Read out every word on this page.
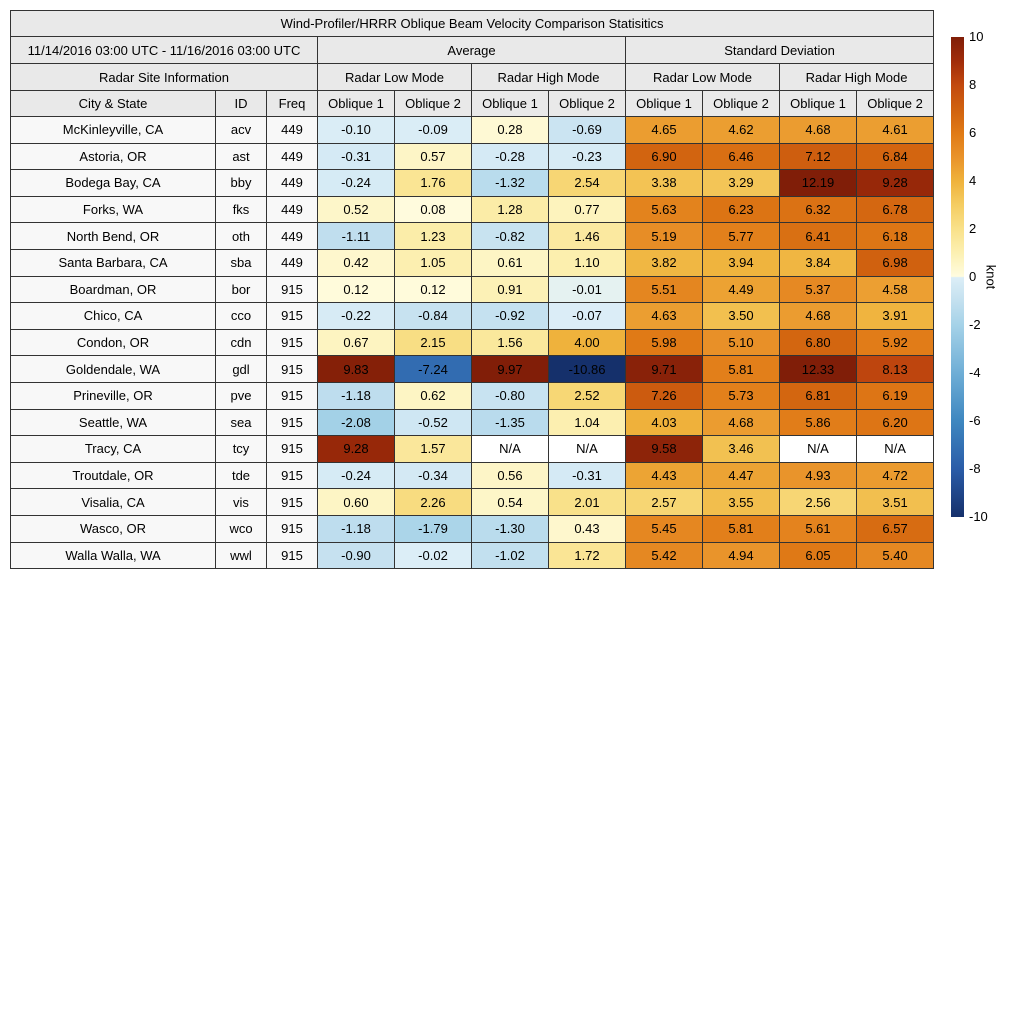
Wind-Profiler/HRRR Oblique Beam Velocity Comparison Statisitics										
11/14/2016 03:00 UTC - 11/16/2016 03:00 UTC			Average				Standard Deviation			
Radar Site Information			Radar Low Mode		Radar High Mode		Radar Low Mode		Radar High Mode	
City & State	ID	Freq	Oblique 1	Oblique 2	Oblique 1	Oblique 2	Oblique 1	Oblique 2	Oblique 1	Oblique 2
McKinleyville, CA	acv	449	-0.10	-0.09	0.28	-0.69	4.65	4.62	4.68	4.61
Astoria, OR	ast	449	-0.31	0.57	-0.28	-0.23	6.90	6.46	7.12	6.84
Bodega Bay, CA	bby	449	-0.24	1.76	-1.32	2.54	3.38	3.29	12.19	9.28
Forks, WA	fks	449	0.52	0.08	1.28	0.77	5.63	6.23	6.32	6.78
North Bend, OR	oth	449	-1.11	1.23	-0.82	1.46	5.19	5.77	6.41	6.18
Santa Barbara, CA	sba	449	0.42	1.05	0.61	1.10	3.82	3.94	3.84	6.98
Boardman, OR	bor	915	0.12	0.12	0.91	-0.01	5.51	4.49	5.37	4.58
Chico, CA	cco	915	-0.22	-0.84	-0.92	-0.07	4.63	3.50	4.68	3.91
Condon, OR	cdn	915	0.67	2.15	1.56	4.00	5.98	5.10	6.80	5.92
Goldendale, WA	gdl	915	9.83	-7.24	9.97	-10.86	9.71	5.81	12.33	8.13
Prineville, OR	pve	915	-1.18	0.62	-0.80	2.52	7.26	5.73	6.81	6.19
Seattle, WA	sea	915	-2.08	-0.52	-1.35	1.04	4.03	4.68	5.86	6.20
Tracy, CA	tcy	915	9.28	1.57	N/A	N/A	9.58	3.46	N/A	N/A
Troutdale, OR	tde	915	-0.24	-0.34	0.56	-0.31	4.43	4.47	4.93	4.72
Visalia, CA	vis	915	0.60	2.26	0.54	2.01	2.57	3.55	2.56	3.51
Wasco, OR	wco	915	-1.18	-1.79	-1.30	0.43	5.45	5.81	5.61	6.57
Walla Walla, WA	wwl	915	-0.90	-0.02	-1.02	1.72	5.42	4.94	6.05	5.40
10
8
6
4
2
0
-2
-4
-6
-8
-10
knot
